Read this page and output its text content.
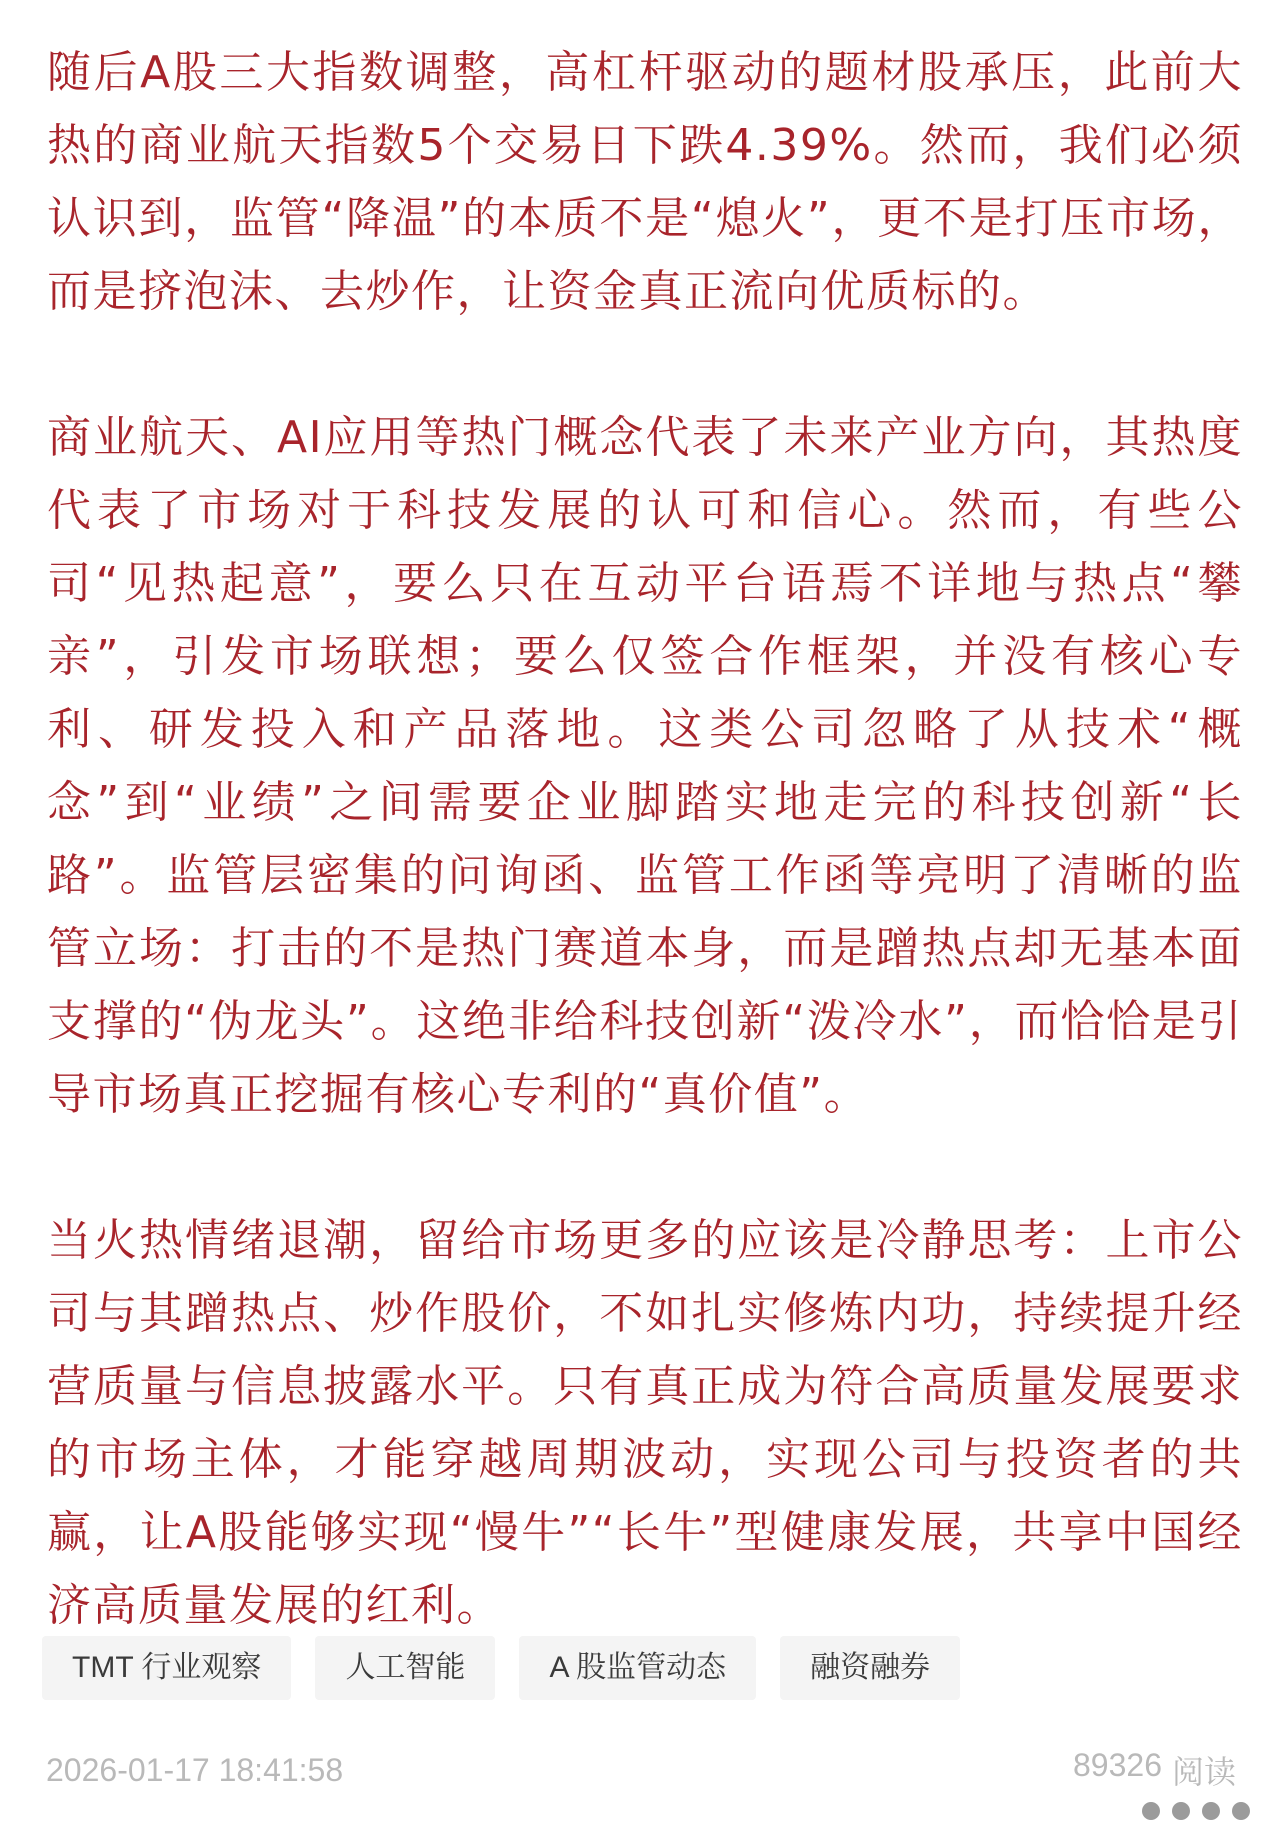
随后A股三大指数调整，高杠杆驱动的题材股承压，此前大热的商业航天指数5个交易日下跌4.39%。然而，我们必须认识到，监管“降温”的本质不是“熄火”，更不是打压市场，而是挤泡沫、去炒作，让资金真正流向优质标的。

商业航天、AI应用等热门概念代表了未来产业方向，其热度代表了市场对于科技发展的认可和信心。然而，有些公司“见热起意”，要么只在互动平台语焉不详地与热点“攀亲”，引发市场联想；要么仅签合作框架，并没有核心专利、研发投入和产品落地。这类公司忽略了从技术“概念”到“业绩”之间需要企业脚踏实地走完的科技创新“长路”。监管层密集的问询函、监管工作函等亮明了清晰的监管立场：打击的不是热门赛道本身，而是蹭热点却无基本面支撑的“伪龙头”。这绝非给科技创新“泼冷水”，而恰恰是引导市场真正挖掘有核心专利的“真价值”。

当火热情绪退潮，留给市场更多的应该是冷静思考：上市公司与其蹭热点、炒作股价，不如扎实修炼内功，持续提升经营质量与信息披露水平。只有真正成为符合高质量发展要求的市场主体，才能穿越周期波动，实现公司与投资者的共赢，让A股能够实现“慢牛”“长牛”型健康发展，共享中国经济高质量发展的红利。

TMT 行业观察	人工智能	A 股监管动态	融资融券
2026-01-17 18:41:58	89326 阅读
